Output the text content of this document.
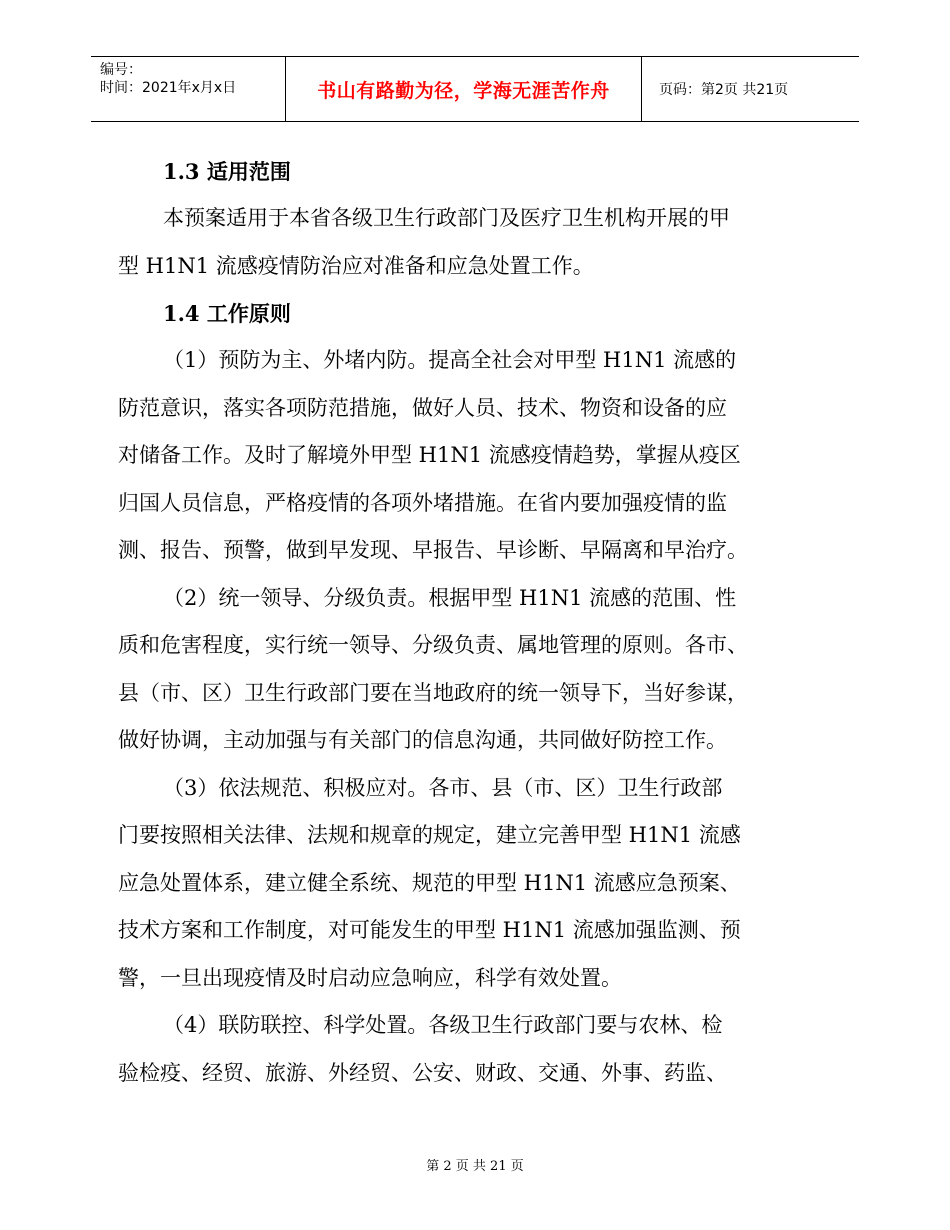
编号：
时间：2021年x月x日	书山有路勤为径，学海无涯苦作舟	页码：第2页 共21页
1.3 适用范围
本预案适用于本省各级卫生行政部门及医疗卫生机构开展的甲
型 H1N1 流感疫情防治应对准备和应急处置工作。
1.4 工作原则
（1）预防为主、外堵内防。提高全社会对甲型 H1N1 流感的
防范意识，落实各项防范措施，做好人员、技术、物资和设备的应
对储备工作。及时了解境外甲型 H1N1 流感疫情趋势，掌握从疫区
归国人员信息，严格疫情的各项外堵措施。在省内要加强疫情的监
测、报告、预警，做到早发现、早报告、早诊断、早隔离和早治疗。
（2）统一领导、分级负责。根据甲型 H1N1 流感的范围、性
质和危害程度，实行统一领导、分级负责、属地管理的原则。各市、
县（市、区）卫生行政部门要在当地政府的统一领导下，当好参谋，
做好协调，主动加强与有关部门的信息沟通，共同做好防控工作。
（3）依法规范、积极应对。各市、县（市、区）卫生行政部
门要按照相关法律、法规和规章的规定，建立完善甲型 H1N1 流感
应急处置体系，建立健全系统、规范的甲型 H1N1 流感应急预案、
技术方案和工作制度，对可能发生的甲型 H1N1 流感加强监测、预
警，一旦出现疫情及时启动应急响应，科学有效处置。
（4）联防联控、科学处置。各级卫生行政部门要与农林、检
验检疫、经贸、旅游、外经贸、公安、财政、交通、外事、药监、
第 2 页 共 21 页
